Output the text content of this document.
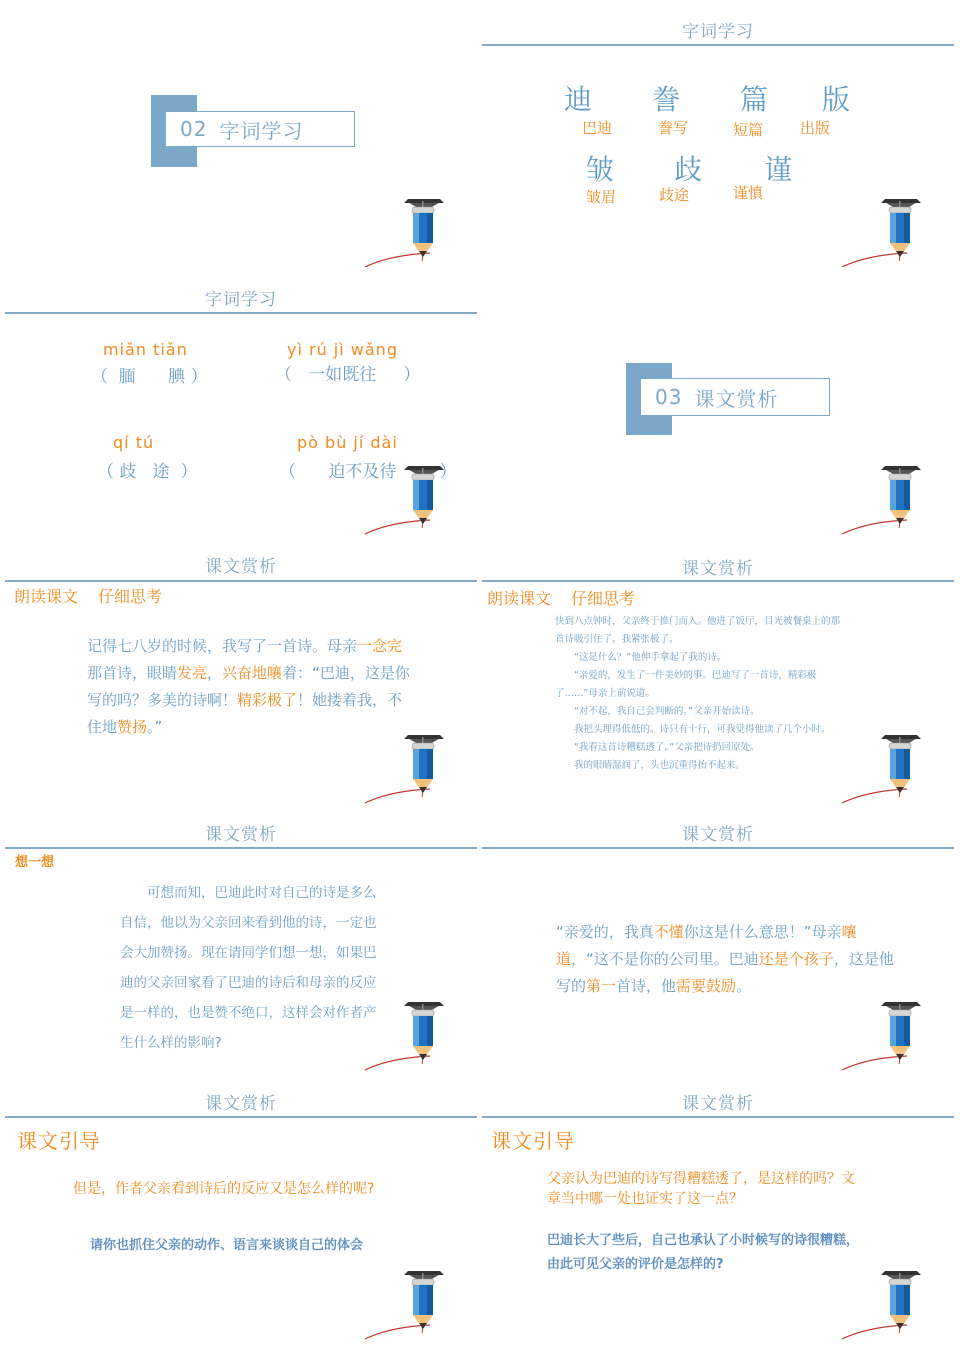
02 字词学习
字词学习
迪 誊 篇 版
巴迪	誊写	短篇 出版
皱 歧 谨
皱眉	歧途	谨慎
字词学习
miǎn tiǎn
（  腼      腆 ）
yì rú jì wǎng
（   一如既往     ）
qí tú
（ 歧   途  ）
pò bù jí dài
（      迫不及待        ）
03 课文赏析
课文赏析
朗读课文 仔细思考
记得七八岁的时候，我写了一首诗。母亲一念完那首诗，眼睛发亮，兴奋地嚷着：“巴迪，这是你写的吗？多美的诗啊！精彩极了！她搂着我，不住地赞扬。”
课文赏析
朗读课文 仔细思考
快到八点钟时，父亲终于推门而入。他进了饭厅，目光被餐桌上的那
首诗吸引住了。我紧张极了。
　　“这是什么？”他伸手拿起了我的诗。
　　“亲爱的，发生了一件美妙的事。巴迪写了一首诗，精彩极
了……”母亲上前说道。
　　“对不起，我自己会判断的。”父亲开始读诗。
　　我把头埋得低低的。诗只有十行，可我觉得他读了几个小时。
　　“我看这首诗糟糕透了。”父亲把诗扔回原处。
　　我的眼睛湿润了，头也沉重得抬不起来。
课文赏析
想一想
　　可想而知，巴迪此时对自己的诗是多么
自信，他以为父亲回来看到他的诗，一定也
会大加赞扬。现在请同学们想一想，如果巴
迪的父亲回家看了巴迪的诗后和母亲的反应
是一样的，也是赞不绝口，这样会对作者产
生什么样的影响?
课文赏析
“亲爱的，我真不懂你这是什么意思！”母亲嚷道，“这不是你的公司里。巴迪还是个孩子，这是他写的第一首诗，他需要鼓励。
课文赏析
课文引导
但是，作者父亲看到诗后的反应又是怎么样的呢?
请你也抓住父亲的动作、语言来谈谈自己的体会
课文赏析
课文引导
父亲认为巴迪的诗写得糟糕透了，是这样的吗？文
章当中哪一处也证实了这一点？
巴迪长大了些后，自己也承认了小时候写的诗很糟糕，
由此可见父亲的评价是怎样的?
